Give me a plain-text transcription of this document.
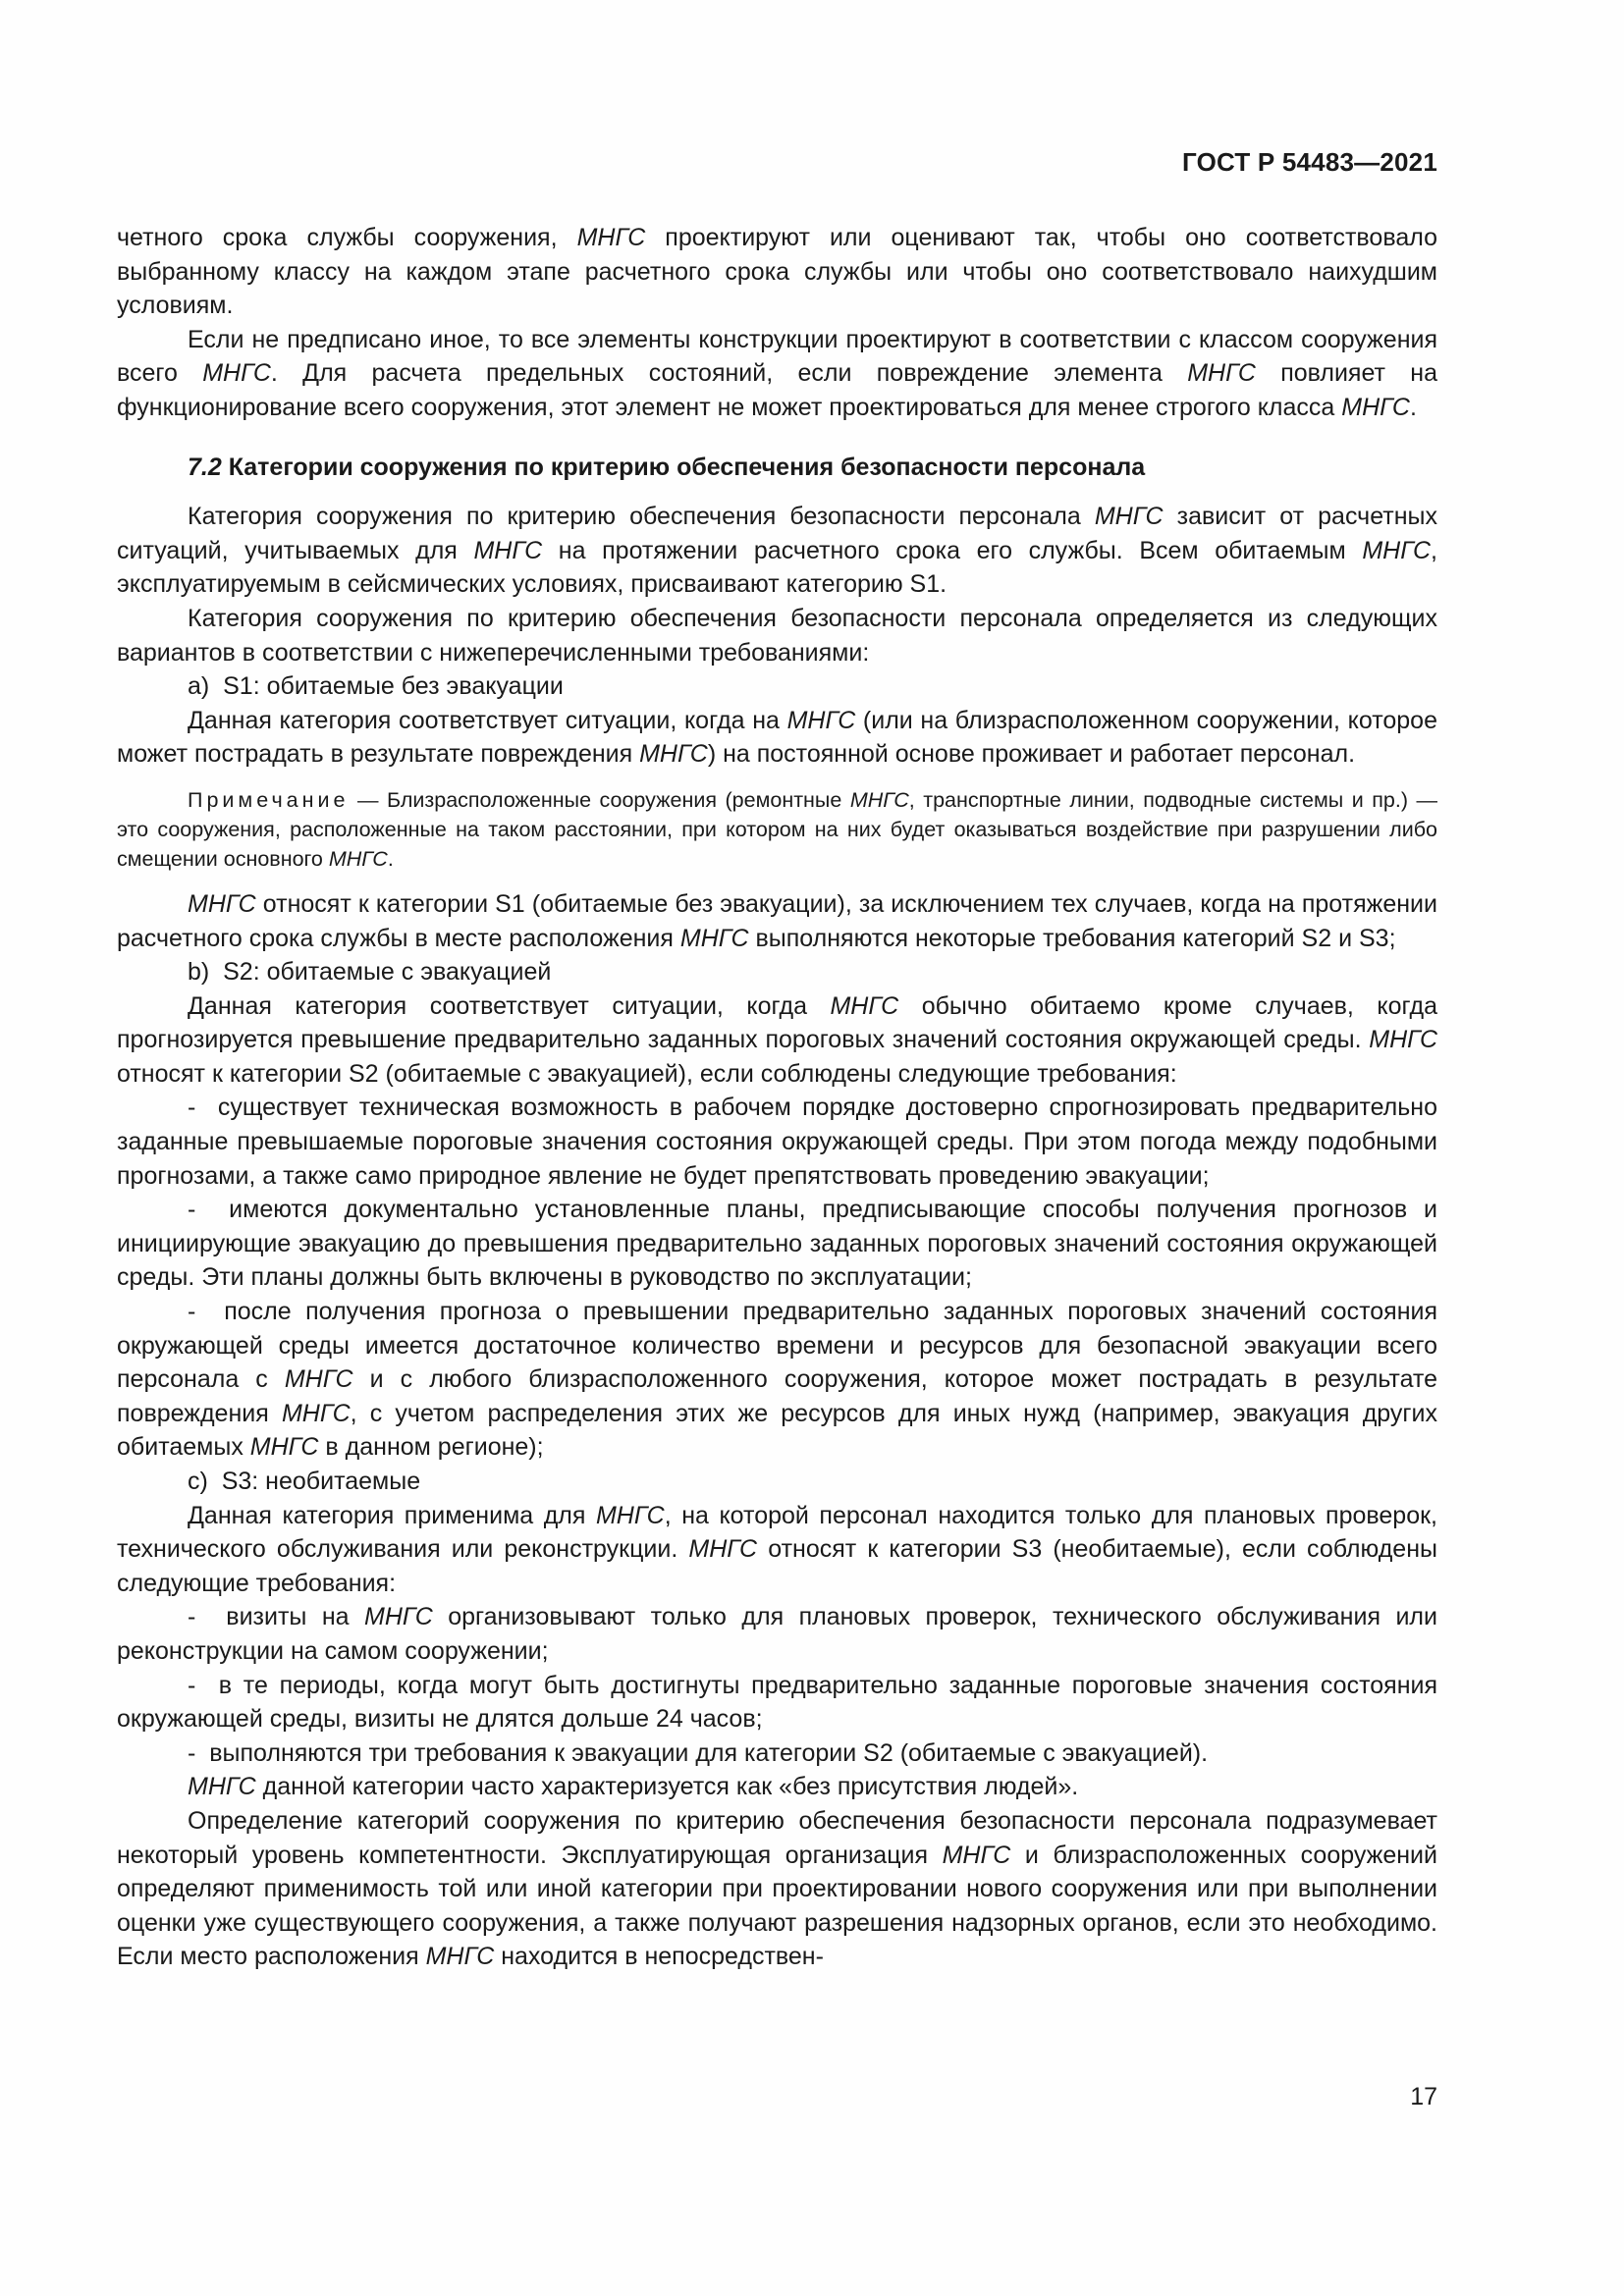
ГОСТ Р 54483—2021

четного срока службы сооружения, МНГС проектируют или оценивают так, чтобы оно соответствовало выбранному классу на каждом этапе расчетного срока службы или чтобы оно соответствовало наихудшим условиям.

Если не предписано иное, то все элементы конструкции проектируют в соответствии с классом сооружения всего МНГС. Для расчета предельных состояний, если повреждение элемента МНГС повлияет на функционирование всего сооружения, этот элемент не может проектироваться для менее строгого класса МНГС.

7.2 Категории сооружения по критерию обеспечения безопасности персонала

Категория сооружения по критерию обеспечения безопасности персонала МНГС зависит от расчетных ситуаций, учитываемых для МНГС на протяжении расчетного срока его службы. Всем обитаемым МНГС, эксплуатируемым в сейсмических условиях, присваивают категорию S1.

Категория сооружения по критерию обеспечения безопасности персонала определяется из следующих вариантов в соответствии с нижеперечисленными требованиями:

a)  S1: обитаемые без эвакуации

Данная категория соответствует ситуации, когда на МНГС (или на близрасположенном сооружении, которое может пострадать в результате повреждения МНГС) на постоянной основе проживает и работает персонал.

Примечание — Близрасположенные сооружения (ремонтные МНГС, транспортные линии, подводные системы и пр.) — это сооружения, расположенные на таком расстоянии, при котором на них будет оказываться воздействие при разрушении либо смещении основного МНГС.

МНГС относят к категории S1 (обитаемые без эвакуации), за исключением тех случаев, когда на протяжении расчетного срока службы в месте расположения МНГС выполняются некоторые требования категорий S2 и S3;

b)  S2: обитаемые с эвакуацией

Данная категория соответствует ситуации, когда МНГС обычно обитаемо кроме случаев, когда прогнозируется превышение предварительно заданных пороговых значений состояния окружающей среды. МНГС относят к категории S2 (обитаемые с эвакуацией), если соблюдены следующие требования:

-  существует техническая возможность в рабочем порядке достоверно спрогнозировать предварительно заданные превышаемые пороговые значения состояния окружающей среды. При этом погода между подобными прогнозами, а также само природное явление не будет препятствовать проведению эвакуации;

-  имеются документально установленные планы, предписывающие способы получения прогнозов и инициирующие эвакуацию до превышения предварительно заданных пороговых значений состояния окружающей среды. Эти планы должны быть включены в руководство по эксплуатации;

-  после получения прогноза о превышении предварительно заданных пороговых значений состояния окружающей среды имеется достаточное количество времени и ресурсов для безопасной эвакуации всего персонала с МНГС и с любого близрасположенного сооружения, которое может пострадать в результате повреждения МНГС, с учетом распределения этих же ресурсов для иных нужд (например, эвакуация других обитаемых МНГС в данном регионе);

c)  S3: необитаемые

Данная категория применима для МНГС, на которой персонал находится только для плановых проверок, технического обслуживания или реконструкции. МНГС относят к категории S3 (необитаемые), если соблюдены следующие требования:

-  визиты на МНГС организовывают только для плановых проверок, технического обслуживания или реконструкции на самом сооружении;

-  в те периоды, когда могут быть достигнуты предварительно заданные пороговые значения состояния окружающей среды, визиты не длятся дольше 24 часов;

-  выполняются три требования к эвакуации для категории S2 (обитаемые с эвакуацией).

МНГС данной категории часто характеризуется как «без присутствия людей».

Определение категорий сооружения по критерию обеспечения безопасности персонала подразумевает некоторый уровень компетентности. Эксплуатирующая организация МНГС и близрасположенных сооружений определяют применимость той или иной категории при проектировании нового сооружения или при выполнении оценки уже существующего сооружения, а также получают разрешения надзорных органов, если это необходимо. Если место расположения МНГС находится в непосредствен-

17
